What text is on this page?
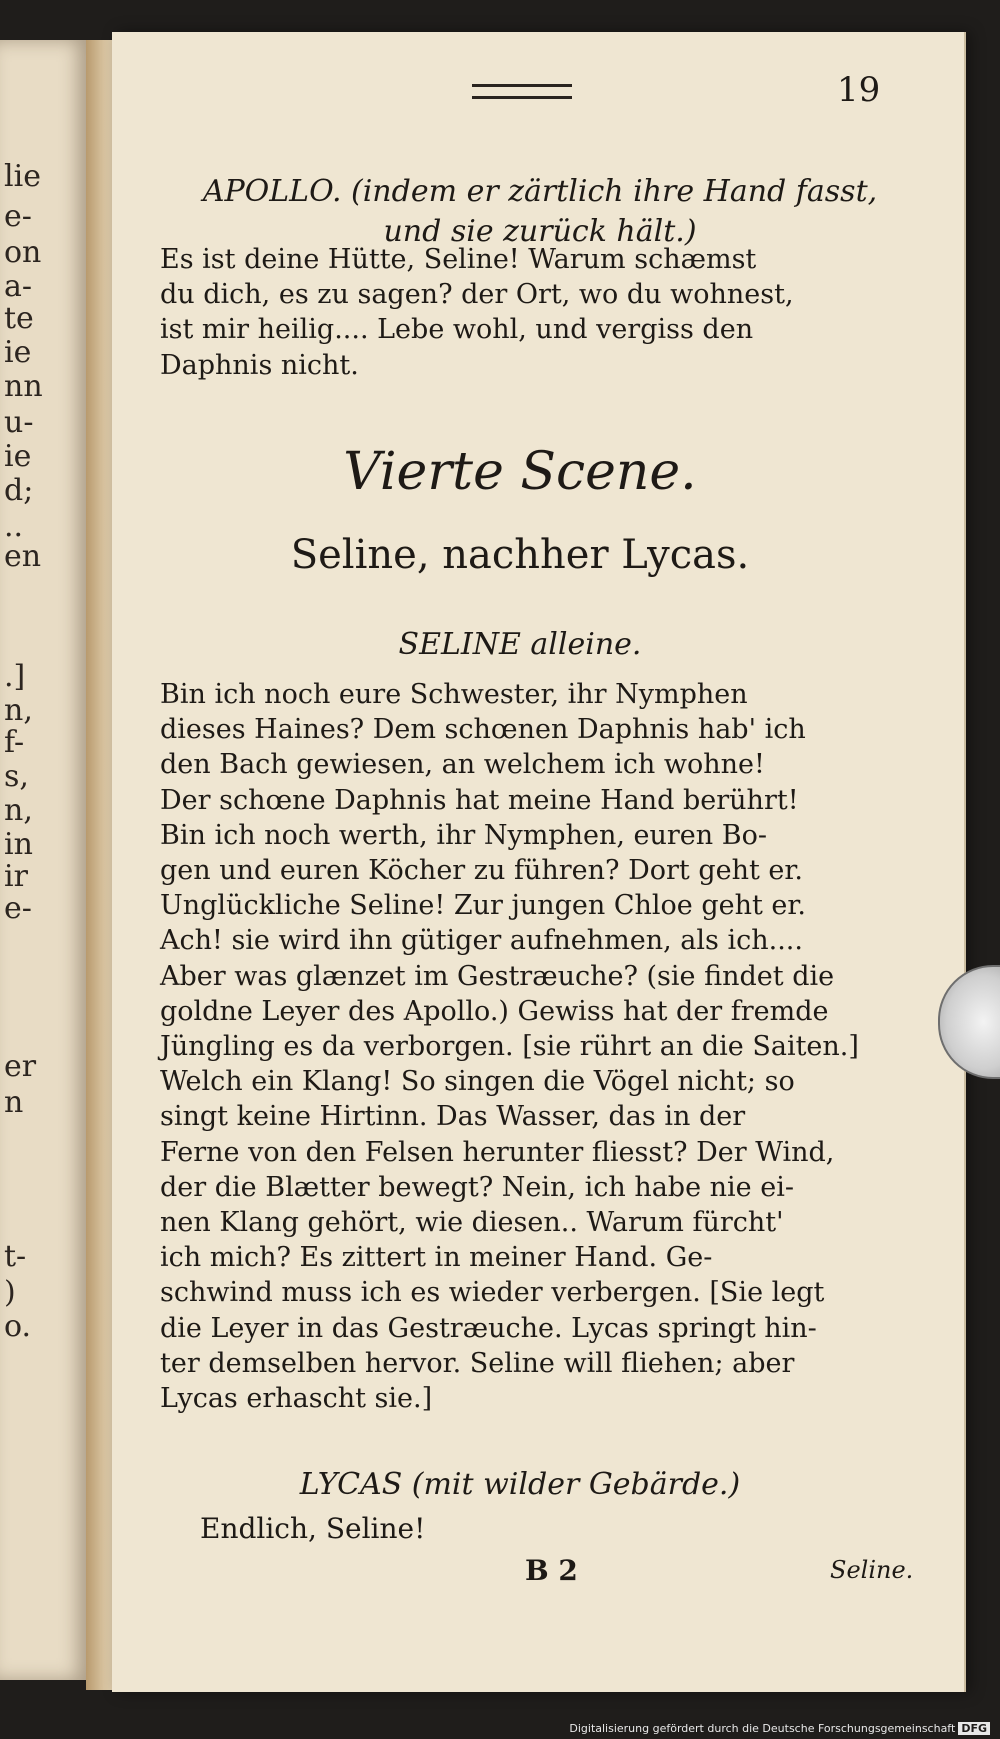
lie
e-
on
a-
te
ie
nn
u-
ie
d;
..
en
.]
n,
f-
s,
n,
in
ir
e-
er
n
t-
)
o.
19
APOLLO. (indem er zärtlich ihre Hand fasst, und sie zurück hält.)
Es ist deine Hütte, Seline! Warum schæmst
du dich, es zu sagen? der Ort, wo du wohnest,
ist mir heilig.... Lebe wohl, und vergiss den
Daphnis nicht.
Vierte Scene.
Seline, nachher Lycas.
SELINE alleine.
Bin ich noch eure Schwester, ihr Nymphen
dieses Haines? Dem schœnen Daphnis hab' ich
den Bach gewiesen, an welchem ich wohne!
Der schœne Daphnis hat meine Hand berührt!
Bin ich noch werth, ihr Nymphen, euren Bo-
gen und euren Köcher zu führen? Dort geht er.
Unglückliche Seline! Zur jungen Chloe geht er.
Ach! sie wird ihn gütiger aufnehmen, als ich....
Aber was glænzet im Gestræuche? (sie findet die
goldne Leyer des Apollo.) Gewiss hat der fremde
Jüngling es da verborgen. [sie rührt an die Saiten.]
Welch ein Klang! So singen die Vögel nicht; so
singt keine Hirtinn. Das Wasser, das in der
Ferne von den Felsen herunter fliesst? Der Wind,
der die Blætter bewegt? Nein, ich habe nie ei-
nen Klang gehört, wie diesen.. Warum fürcht'
ich mich? Es zittert in meiner Hand. Ge-
schwind muss ich es wieder verbergen. [Sie legt
die Leyer in das Gestræuche. Lycas springt hin-
ter demselben hervor. Seline will fliehen; aber
Lycas erhascht sie.]
LYCAS (mit wilder Gebärde.)
Endlich, Seline!
B 2	Seline.
Digitalisierung gefördert durch die Deutsche Forschungsgemeinschaft DFG
